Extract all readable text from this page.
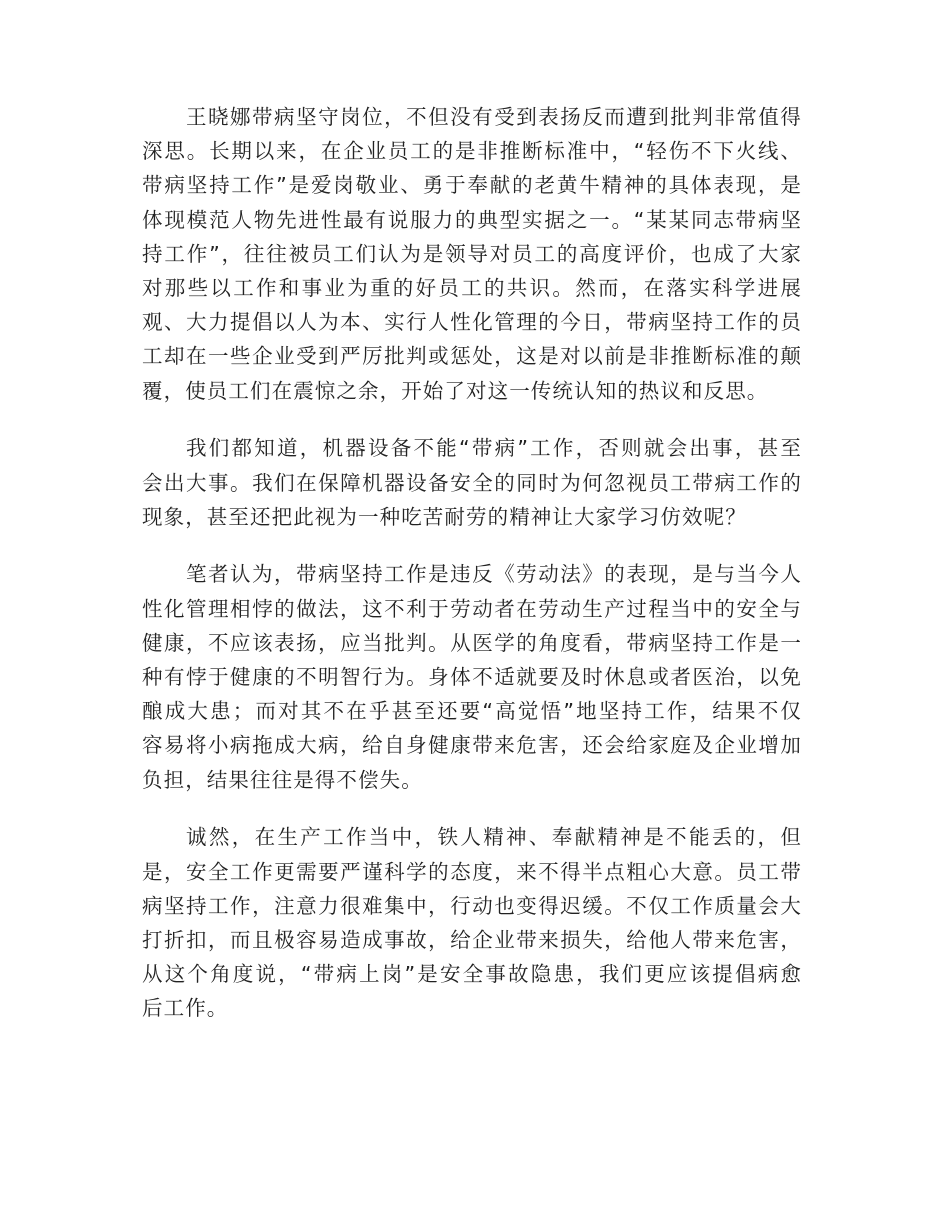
王晓娜带病坚守岗位，不但没有受到表扬反而遭到批判非常值得
深思。长期以来，在企业员工的是非推断标准中，“轻伤不下火线、
带病坚持工作”是爱岗敬业、勇于奉献的老黄牛精神的具体表现，是
体现模范人物先进性最有说服力的典型实据之一。“某某同志带病坚
持工作”，往往被员工们认为是领导对员工的高度评价，也成了大家
对那些以工作和事业为重的好员工的共识。然而，在落实科学进展
观、大力提倡以人为本、实行人性化管理的今日，带病坚持工作的员
工却在一些企业受到严厉批判或惩处，这是对以前是非推断标准的颠
覆，使员工们在震惊之余，开始了对这一传统认知的热议和反思。
我们都知道，机器设备不能“带病”工作，否则就会出事，甚至
会出大事。我们在保障机器设备安全的同时为何忽视员工带病工作的
现象，甚至还把此视为一种吃苦耐劳的精神让大家学习仿效呢？
笔者认为，带病坚持工作是违反《劳动法》的表现，是与当今人
性化管理相悖的做法，这不利于劳动者在劳动生产过程当中的安全与
健康，不应该表扬，应当批判。从医学的角度看，带病坚持工作是一
种有悖于健康的不明智行为。身体不适就要及时休息或者医治，以免
酿成大患；而对其不在乎甚至还要“高觉悟”地坚持工作，结果不仅
容易将小病拖成大病，给自身健康带来危害，还会给家庭及企业增加
负担，结果往往是得不偿失。
诚然，在生产工作当中，铁人精神、奉献精神是不能丢的，但
是，安全工作更需要严谨科学的态度，来不得半点粗心大意。员工带
病坚持工作，注意力很难集中，行动也变得迟缓。不仅工作质量会大
打折扣，而且极容易造成事故，给企业带来损失，给他人带来危害，
从这个角度说，“带病上岗”是安全事故隐患，我们更应该提倡病愈
后工作。
